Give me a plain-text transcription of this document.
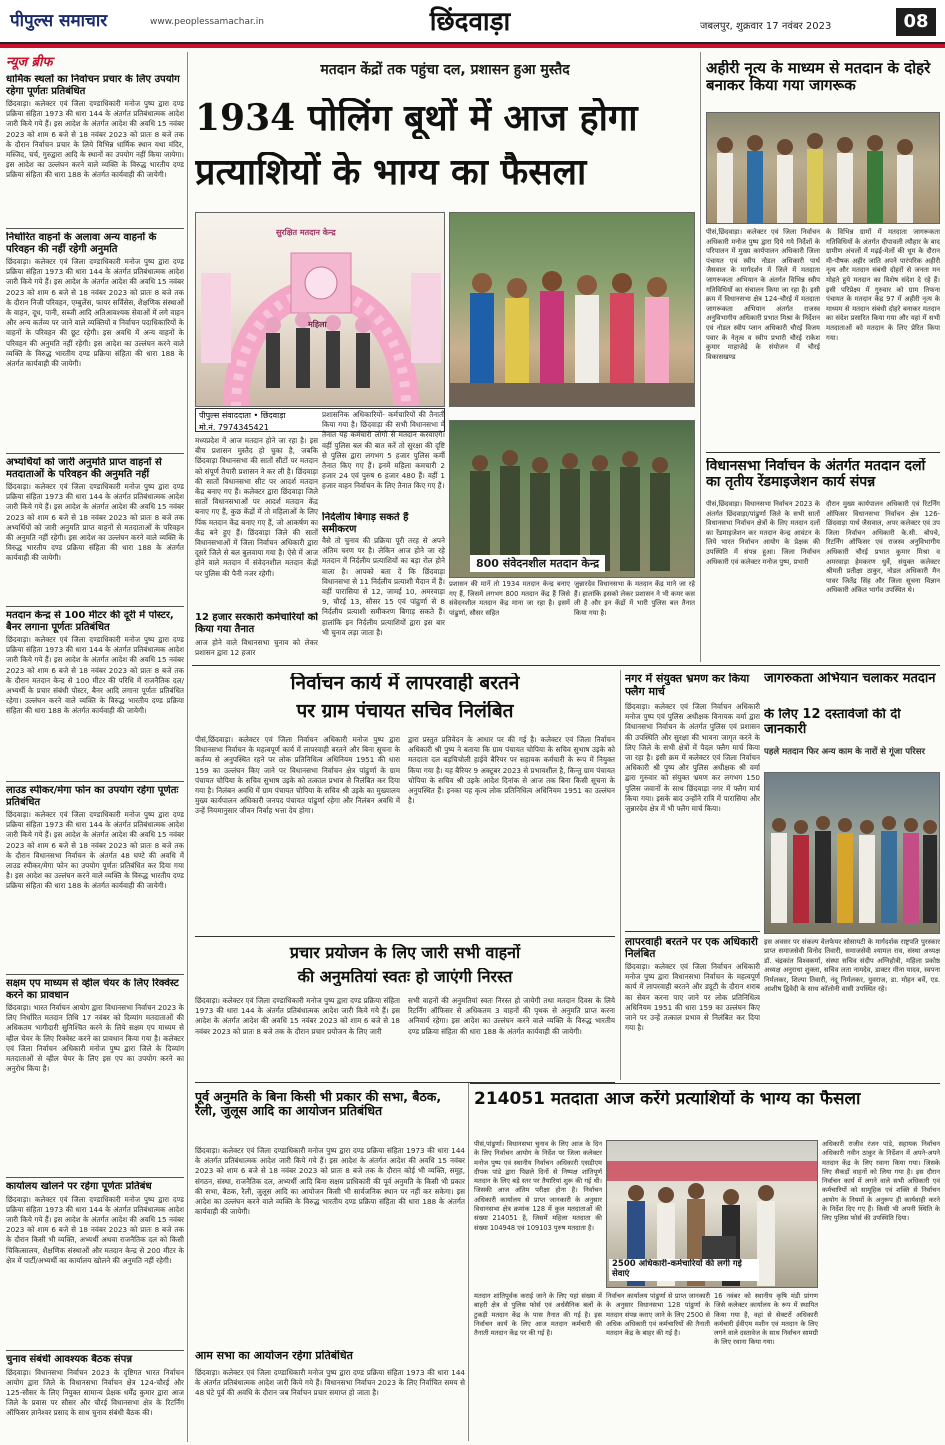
पीपुल्स समाचार	www.peoplessamachar.in	छिंदवाड़ा	जबलपुर, शुक्रवार 17 नवंबर 2023	08
न्यूज ब्रीफ
धार्मिक स्थलों का निर्वाचन प्रचार के लिए उपयोग रहेगा पूर्णतः प्रतिबंधित
छिंदवाड़ा। कलेक्टर एवं जिला दण्डाधिकारी मनोज पुष्प द्वारा दण्ड प्रक्रिया संहिता 1973 की धारा 144 के अंतर्गत प्रतिबंधात्मक आदेश जारी किये गये हैं। इस आदेश के अंतर्गत आदेश की अवधि 15 नवंबर 2023 को शाम 6 बजे से 18 नवंबर 2023 को प्रातः 8 बजे तक के दौरान निर्वाचन प्रचार के लिये विभिन्न धार्मिक स्थान यथा मंदिर, मस्जिद, चर्च, गुरुद्वारा आदि के स्थानों का उपयोग नहीं किया जायेगा। इस आदेश का उल्लंघन करने वाले व्यक्ति के विरुद्ध भारतीय दण्ड प्रक्रिया संहिता की धारा 188 के अंतर्गत कार्यवाही की जायेगी।
निर्धारित वाहनों के अलावा अन्य वाहनों के परिवहन की नहीं रहेगी अनुमति
छिंदवाड़ा। कलेक्टर एवं जिला दण्डाधिकारी मनोज पुष्प द्वारा दण्ड प्रक्रिया संहिता 1973 की धारा 144 के अंतर्गत प्रतिबंधात्मक आदेश जारी किये गये हैं। इस आदेश के अंतर्गत आदेश की अवधि 15 नवंबर 2023 को शाम 6 बजे से 18 नवंबर 2023 को प्रातः 8 बजे तक के दौरान निजी परिवहन, एम्बुलेंस, फायर सर्विसेस, शैक्षणिक संस्थाओं के वाहन, दूध, पानी, सब्जी आदि अतिआवश्यक सेवाओं में लगे वाहन और अन्य कर्तव्य पर जाने वाले व्यक्तियों व निर्वाचन पदाधिकारियों के वाहनों के परिवहन की छूट रहेगी। इस अवधि में अन्य वाहनों के परिवहन की अनुमति नहीं रहेगी। इस आदेश का उल्लंघन करने वाले व्यक्ति के विरुद्ध भारतीय दण्ड प्रक्रिया संहिता की धारा 188 के अंतर्गत कार्यवाही की जायेगी।
अभ्यर्थियों को जारी अनुमति प्राप्त वाहनों से मतदाताओं के परिवहन की अनुमति नहीं
छिंदवाड़ा। कलेक्टर एवं जिला दण्डाधिकारी मनोज पुष्प द्वारा दण्ड प्रक्रिया संहिता 1973 की धारा 144 के अंतर्गत प्रतिबंधात्मक आदेश जारी किये गये हैं। इस आदेश के अंतर्गत आदेश की अवधि 15 नवंबर 2023 को शाम 6 बजे से 18 नवंबर 2023 को प्रातः 8 बजे तक अभ्यर्थियों को जारी अनुमति प्राप्त वाहनों से मतदाताओं के परिवहन की अनुमति नहीं रहेगी। इस आदेश का उल्लंघन करने वाले व्यक्ति के विरुद्ध भारतीय दण्ड प्रक्रिया संहिता की धारा 188 के अंतर्गत कार्यवाही की जायेगी।
मतदान केन्द्र से 100 मीटर की दूरी में पोस्टर, बैनर लगाना पूर्णतः प्रतिबंधित
छिंदवाड़ा। कलेक्टर एवं जिला दण्डाधिकारी मनोज पुष्प द्वारा दण्ड प्रक्रिया संहिता 1973 की धारा 144 के अंतर्गत प्रतिबंधात्मक आदेश जारी किये गये हैं। इस आदेश के अंतर्गत आदेश की अवधि 15 नवंबर 2023 को शाम 6 बजे से 18 नवंबर 2023 को प्रातः 8 बजे तक के दौरान मतदान केन्द्र से 100 मीटर की परिधि में राजनैतिक दल/अभ्यर्थी के प्रचार संबंधी पोस्टर, बैनर आदि लगाना पूर्णतः प्रतिबंधित रहेगा। उल्लंघन करने वाले व्यक्ति के विरुद्ध भारतीय दण्ड प्रक्रिया संहिता की धारा 188 के अंतर्गत कार्यवाही की जायेगी।
लाउड स्पीकर/मेगा फोन का उपयोग रहेगा पूर्णतः प्रतिबंधित
छिंदवाड़ा। कलेक्टर एवं जिला दण्डाधिकारी मनोज पुष्प द्वारा दण्ड प्रक्रिया संहिता 1973 की धारा 144 के अंतर्गत प्रतिबंधात्मक आदेश जारी किये गये हैं। इस आदेश के अंतर्गत आदेश की अवधि 15 नवंबर 2023 को शाम 6 बजे से 18 नवंबर 2023 को प्रातः 8 बजे तक के दौरान विधानसभा निर्वाचन के अंतर्गत 48 घण्टे की अवधि में लाउड स्पीकर/मेगा फोन का उपयोग पूर्णतः प्रतिबंधित कर दिया गया है। इस आदेश का उल्लंघन करने वाले व्यक्ति के विरुद्ध भारतीय दण्ड प्रक्रिया संहिता की धारा 188 के अंतर्गत कार्यवाही की जायेगी।
सक्षम एप माध्यम से व्हील चेयर के लिए रिक्वेस्ट करने का प्रावधान
छिंदवाड़ा। भारत निर्वाचन आयोग द्वारा विधानसभा निर्वाचन 2023 के लिए निर्धारित मतदान तिथि 17 नवंबर को दिव्यांग मतदाताओं की अधिकतम भागीदारी सुनिश्चित करने के लिये सक्षम एप माध्यम से व्हील चेयर के लिए रिक्वेस्ट करने का प्रावधान किया गया है। कलेक्टर एवं जिला निर्वाचन अधिकारी मनोज पुष्प द्वारा जिले के दिव्यांग मतदाताओं से व्हील चेयर के लिए इस एप का उपयोग करने का अनुरोध किया है।
कार्यालय खोलने पर रहेगा पूर्णतः प्रतिबंध
छिंदवाड़ा। कलेक्टर एवं जिला दण्डाधिकारी मनोज पुष्प द्वारा दण्ड प्रक्रिया संहिता 1973 की धारा 144 के अंतर्गत प्रतिबंधात्मक आदेश जारी किये गये हैं। इस आदेश के अंतर्गत आदेश की अवधि 15 नवंबर 2023 को शाम 6 बजे से 18 नवंबर 2023 को प्रातः 8 बजे तक के दौरान किसी भी व्यक्ति, अभ्यर्थी अथवा राजनैतिक दल को किसी चिकित्सालय, शैक्षणिक संस्थाओं और मतदान केन्द्र से 200 मीटर के क्षेत्र में पार्टी/अभ्यर्थी का कार्यालय खोलने की अनुमति नहीं रहेगी।
चुनाव संबंधी आवश्यक बैठक संपन्न
छिंदवाड़ा। विधानसभा निर्वाचन 2023 के दृष्टिगत भारत निर्वाचन आयोग द्वारा जिले के विधानसभा निर्वाचन क्षेत्र 124-चौरई और 125-सौसर के लिए नियुक्त सामान्य प्रेक्षक धर्मेंद्र कुमार द्वारा आज जिले के प्रवास पर सौसर और चौरई विधानसभा क्षेत्र के रिटर्निंग ऑफिसर ज्ञानेश्वर प्रसाद के साथ चुनाव संबंधी बैठक की।
मतदान केंद्रों तक पहुंचा दल, प्रशासन हुआ मुस्तैद
1934 पोलिंग बूथों में आज होगा
प्रत्याशियों के भाग्य का फैसला
सुरक्षित मतदान केन्द्र
महिला
पीपुल्स संवाददाता • छिंदवाड़ा
मो.नं. 7974345421
मध्यप्रदेश में आज मतदान होने जा रहा है। इस बीच प्रशासन मुस्तैद हो चुका है, जबकि छिंदवाड़ा विधानसभा की सातों सीटों पर मतदान को संपूर्ण तैयारी प्रशासन ने कर ली है। छिंदवाड़ा की सातों विधानसभा सीट पर आदर्श मतदान केंद्र बनाए गए हैं। कलेक्टर द्वारा छिंदवाड़ा जिले सातों विधानसभाओं पर आदर्श मतदान केंद्र बनाए गए हैं, कुछ केंद्रों में तो महिलाओं के लिए पिंक मतदान केंद्र बनाए गए हैं, जो आकर्षण का केंद्र बने हुए हैं। छिंदवाड़ा जिले की सातों विधानसभाओं में जिला निर्वाचन अधिकारी द्वारा दूसरे जिले से बल बुलवाया गया है। ऐसे में आज होने वाले मतदान में संवेदनशील मतदान केंद्रों पर पुलिस की पैनी नजर रहेगी।
12 हजार सरकारी कर्मचारियों को किया गया तैनात
आज होने वाले विधानसभा चुनाव को लेकर प्रशासन द्वारा 12 हजार
प्रशासनिक अधिकारियों- कर्मचारियों की तैनाती किया गया है। छिंदवाड़ा की सभी विधानसभा में तैनात यह कर्मचारी लोगों से मतदान करवाएंगे। वहीं पुलिस बल की बात करें तो सुरक्षा की दृष्टि से पुलिस द्वारा लगभग 5 हजार पुलिस कर्मी तैनात किए गए हैं। इनमें महिला कमचारी 2 हजार 24 एवं पुरुष 6 हजार 480 हैं। वहीं 1 हजार वाहन निर्वाचन के लिए तैनात किए गए हैं।
निर्दलीय बिगाड़ सकते हैं समीकरण
वैसे तो चुनाव की प्रक्रिया पूरी तरह से अपने अंतिम चरण पर है। लेकिन आज होने जा रहे मतदान में निर्दलीय प्रत्याशियों का बड़ा रोल होने वाला है। आपको बता दें कि छिंदवाड़ा विधानसभा से 11 निर्दलीय प्रत्याशी मैदान में हैं। वहीं पारासिया से 12, जामई 10, अमरवाड़ा 9, चौरई 13, सौसर 15 एवं पांढुर्णा से 8 निर्दलीय प्रत्याशी समीकरण बिगाड़ सकते हैं। हालांकि इन निर्दलीय प्रत्याशियों द्वारा इस बार भी चुनाव लड़ा जाता है।
800 संवेदनशील मतदान केन्द्र
प्रशासन की मानें तो 1934 मतदान केन्द्र बनाए गए हैं, जिसमें लगभग 800 मतदान केंद्र हैं जिसे संवेदनशील मतदान केंद्र माना जा रहा है। इसमें पांढुर्णा, सौसर सहित
जुन्नारदेव विधानसभा के मतदान केंद्र माने जा रहे हैं। हालांकि इसको लेकर प्रशासन ने भी कमर कस ली है और इन केंद्रों में भारी पुलिस बल तैनात किया गया है।
अहीरी नृत्य के माध्यम से मतदान के दोहरे बनाकर किया गया जागरूक
पीसं,छिंदवाड़ा। कलेक्टर एवं जिला निर्वाचन अधिकारी मनोज पुष्प द्वारा दिये गये निर्देशों के परिपालन में मुख्य कार्यपालन अधिकारी जिला पंचायत एवं स्वीप नोडल अधिकारी पार्थ जैसवाल के मार्गदर्शन में जिले में मतदाता जागरूकता अभियान के अंतर्गत विभिन्न स्वीप गतिविधियों का संचालन किया जा रहा है। इसी क्रम में विधानसभा क्षेत्र 124-चौरई में मतदाता जागरूकता अभियान अंतर्गत राजस्व अनुविभागीय अधिकारी प्रभात मिश्रा के निर्देशन एवं नोडल स्वीप प्लान अधिकारी चौरई विजय पवार के नेतृत्व व स्वीप प्रभारी चौरई राकेश कुमार माहाजेद्रे के संयोजन में चौरई विकासखण्ड
के विभिन्न ग्रामों में मतदाता जागरूकता गतिविधियों के अंतर्गत दीपावली त्यौहार के बाद ग्रामीण अंचलों में मढ़ई-मेलों की धूम के दौरान मी-पौषक अहीर जाति अपने पारंपरिक अहीरी नृत्य और मतदान संबंधी दोहरों से जनता मन मोहते हुये मतदान का विशेष संदेश दे रहे हैं। इसी परिप्रेक्ष्य में गुरुवार को ग्राम तिफना पंचायत के मतदान केंद्र 97 में अहीरी नृत्य के माध्यम से मतदान संबंधी दोहरे बनाकर मतदान का संदेश प्रसारित किया गया और यहां में सभी मतदाताओं को मतदान के लिए प्रेरित किया गया।
विधानसभा निर्वाचन के अंतर्गत मतदान दलों का तृतीय रेंडमाइजेशन कार्य संपन्न
पीसं,छिंदवाड़ा। विधानसभा निर्वाचन 2023 के अंतर्गत छिंदवाड़ा/पांढुर्णा जिले के सभी सातों विधानसभा निर्वाचन क्षेत्रों के लिए मतदान दलों का रेंडमाइजेशन कर मतदान केन्द्र आवंटन के लिये भारत निर्वाचन आयोग के प्रेक्षक की उपस्थिति में संपन्न हुआ। जिला निर्वाचन अधिकारी एवं कलेक्टर मनोज पुष्प, प्रभारी
दौरान मुख्य कार्यपालन अधिकारी एवं रिटर्निंग ऑफिसर विधानसभा निर्वाचन क्षेत्र 126-छिंदवाड़ा पार्थ जैसवाल, अपर कलेक्टर एवं उप जिला निर्वाचन अधिकारी के.सी. बोपचे, रिटर्निंग ऑफिसर एवं राजस्व अनुविभागीय अधिकारी चौरई प्रभात कुमार मिश्रा व अमरवाड़ा हेमकरण धुर्वे, संयुक्त कलेक्टर श्रीमती प्रतीक्षा ठाकुर, नोडल अधिकारी मैन पावर जितेंद्र सिंह और जिला सूचना विज्ञान अधिकारी अंकित भार्गव उपस्थित थे।
निर्वाचन कार्य में लापरवाही बरतने
पर ग्राम पंचायत सचिव निलंबित
पीसं,छिंदवाड़ा। कलेक्टर एवं जिला निर्वाचन अधिकारी मनोज पुष्प द्वारा विधानसभा निर्वाचन के महत्वपूर्ण कार्य में लापरवाही बरतने और बिना सूचना के कर्तव्य से अनुपस्थित रहने पर लोक प्रतिनिधित्व अधिनियम 1951 की धारा 159 का उल्लंघन किए जाने पर विधानसभा निर्वाचन क्षेत्र पांढुर्णा के ग्राम पंचायत चोपिया के सचिव सुभाष उइके को तत्काल प्रभाव से निलंबित कर दिया गया है। निलंबन अवधि में ग्राम पंचायत चोपिया के सचिव श्री उइके का मुख्यालय मुख्य कार्यपालन अधिकारी जनपद पंचायत पांढुर्णा रहेगा और निलंबन अवधि में उन्हें नियमानुसार जीवन निर्वाह भत्ता देय होगा।
द्वारा प्रस्तुत प्रतिवेदन के आधार पर की गई है। कलेक्टर एवं जिला निर्वाचन अधिकारी श्री पुष्प ने बताया कि ग्राम पंचायत चोपिया के सचिव सुभाष उइके को मतदाता दल बड़चिचोली हाईवे बैरियर पर सहायक कर्मचारी के रूप में नियुक्त किया गया है। यह बैरियर 9 अक्टूबर 2023 से प्रभावशील है, किन्तु ग्राम पंचायत चोपिया के सचिव श्री उइके आदेश दिनांक से आज तक बिना किसी सूचना के अनुपस्थित हैं। इनका यह कृत्य लोक प्रतिनिधित्व अधिनियम 1951 का उल्लंघन है।
प्रचार प्रयोजन के लिए जारी सभी वाहनों
की अनुमतियां स्वतः हो जाएंगी निरस्त
छिंदवाड़ा। कलेक्टर एवं जिला दण्डाधिकारी मनोज पुष्प द्वारा दण्ड प्रक्रिया संहिता 1973 की धारा 144 के अंतर्गत प्रतिबंधात्मक आदेश जारी किये गये हैं। इस आदेश के अंतर्गत आदेश की अवधि 15 नवंबर 2023 को शाम 6 बजे से 18 नवंबर 2023 को प्रातः 8 बजे तक के दौरान प्रचार प्रयोजन के लिए जारी
सभी वाहनों की अनुमतियां स्वतः निरस्त हो जायेगी तथा मतदान दिवस के लिये रिटर्निंग ऑफिसर से अधिकतम 3 वाहनों की पृथक से अनुमति प्राप्त करना अनिवार्य रहेगा। इस आदेश का उल्लंघन करने वाले व्यक्ति के विरुद्ध भारतीय दण्ड प्रक्रिया संहिता की धारा 188 के अंतर्गत कार्यवाही की जायेगी।
पूर्व अनुमति के बिना किसी भी प्रकार की सभा, बैठक, रैली, जुलूस आदि का आयोजन प्रतिबंधित
छिंदवाड़ा। कलेक्टर एवं जिला दण्डाधिकारी मनोज पुष्प द्वारा दण्ड प्रक्रिया संहिता 1973 की धारा 144 के अंतर्गत प्रतिबंधात्मक आदेश जारी किये गये हैं। इस आदेश के अंतर्गत आदेश की अवधि 15 नवंबर 2023 को शाम 6 बजे से 18 नवंबर 2023 को प्रातः 8 बजे तक के दौरान कोई भी व्यक्ति, समूह, संगठन, संस्था, राजनैतिक दल, अभ्यर्थी आदि बिना सक्षम प्राधिकारी की पूर्व अनुमति के किसी भी प्रकार की सभा, बैठक, रैली, जुलूस आदि का आयोजन किसी भी सार्वजनिक स्थान पर नहीं कर सकेगा। इस आदेश का उल्लंघन करने वाले व्यक्ति के विरुद्ध भारतीय दण्ड प्रक्रिया संहिता की धारा 188 के अंतर्गत कार्यवाही की जायेगी।
आम सभा का आयोजन रहेगा प्रतिबंधित
छिंदवाड़ा। कलेक्टर एवं जिला दण्डाधिकारी मनोज पुष्प द्वारा दण्ड प्रक्रिया संहिता 1973 की धारा 144 के अंतर्गत प्रतिबंधात्मक आदेश जारी किये गये हैं। विधानसभा निर्वाचन 2023 के लिए निर्वाचित समय से 48 घंटे पूर्व की अवधि के दौरान जब निर्वाचन प्रचार समाप्त हो जाता है।
नगर में संयुक्त भ्रमण कर किया फ्लैग मार्च
छिंदवाड़ा। कलेक्टर एवं जिला निर्वाचन अधिकारी मनोज पुष्प एवं पुलिस अधीक्षक विनायक वर्मा द्वारा विधानसभा निर्वाचन के अंतर्गत पुलिस एवं प्रशासन की उपस्थिति और सुरक्षा की भावना जागृत करने के लिए जिले के सभी क्षेत्रों में पैदल फ्लैग मार्च किया जा रहा है। इसी क्रम में कलेक्टर एवं जिला निर्वाचन अधिकारी श्री पुष्प और पुलिस अधीक्षक श्री वर्मा द्वारा गुरुवार को संयुक्त भ्रमण कर लगभग 150 पुलिस जवानों के साथ छिंदवाड़ा नगर में फ्लैग मार्च किया गया। इसके बाद उन्होंने रात्रि में पारासिया और जुन्नारदेव क्षेत्र में भी फ्लैग मार्च किया।
लापरवाही बरतने पर एक अधिकारी निलंबित
छिंदवाड़ा। कलेक्टर एवं जिला निर्वाचन अधिकारी मनोज पुष्प द्वारा विधानसभा निर्वाचन के महत्वपूर्ण कार्य में लापरवाही बरतने और ड्यूटी के दौरान शराब का सेवन करना पाए जाने पर लोक प्रतिनिधित्व अधिनियम 1951 की धारा 159 का उल्लंघन किए जाने पर उन्हें तत्काल प्रभाव से निलंबित कर दिया गया है।
जागरुकता अभियान चलाकर मतदान
के लिए 12 दस्तावेजों की दी जानकारी
पहले मतदान फिर अन्य काम के नारों से गूंजा परिसर
इस अवसर पर संकल्प वेलफेयर सोसायटी के मार्गदर्शक राष्ट्रपति पुरस्कार प्राप्त समाजसेवी विनोद तिवारी, समाजसेवी श्यामल राव, संस्था अध्यक्ष डॉ. चंद्रकांत विश्वकर्मा, संस्था सचिव संदीप अग्निहोत्री, महिला प्रकोष्ठ अध्यक्ष अनुराधा शुक्ला, सचिव लता नामदेव, डाक्टर मीना यादव, स्वपना निर्मलकर, शिल्पा तिवारी, नंदू निर्मलकर, युवराज, डा. मोहन बर्वे, एड. आशीष द्विवेदी के साथ कॉलोनी वासी उपस्थित रहे।
214051 मतदाता आज करेंगे प्रत्याशियों के भाग्य का फैसला
पीसं,पांढुर्णा। विधानसभा चुनाव के लिए आज के दिन के लिए निर्वाचन आयोग के निर्देश पर जिला कलेक्टर मनोज पुष्प एवं स्थानीय निर्वाचन अधिकारी एसडीएम दीपक पांडे द्वारा पिछले दिनों से निष्पक्ष शांतिपूर्ण मतदान के लिए बड़े स्तर पर तैयारियां शुरू की गई थी। जिसकी आज अंतिम परीक्षा होना है। निर्वाचन अधिकारी कार्यालय से प्राप्त जानकारी के अनुसार विधानसभा क्षेत्र क्रमांक 128 में कुल मतदाताओं की संख्या 214051 है, जिसमें महिला मतदाता की संख्या 104948 एवं 109103 पुरुष मतदाता है।
2500 अधिकारी-कर्मचारियों की लगी गई सेवाएं
अधिकारी राजीव रंजन पांडे, सहायक निर्वाचन अधिकारी नवीन ठाकुर के निर्देशन में अपने-अपने मतदान केंद्र के लिए रवाना किया गया। जिसके लिए सैकड़ों वाहनों को लिया गया है। इस दौरान निर्वाचन कार्य में लगने वाले सभी अधिकारी एवं कर्मचारियों को सामूहिक एवं शक्ति से निर्वाचन आयोग के नियमों के अनुरूप ही कार्यवाही करने के निर्देश दिए गए हैं। किसी भी अपनी स्थिति के लिए पुलिस फोर्स की उपस्थिति दिया।
मतदान शांतिपूर्वक कराई जाने के लिए यहां संख्या में बाहरी क्षेत्र से पुलिस फोर्स एवं अर्धसैनिक बलों के टुकड़ी मतदान केंद्र के पास तैनात की गई है। इस निर्वाचन कार्य के लिए आज मतदान कर्मचारी की तैनाती मतदान केंद्र पर की गई है।
निर्वाचन कार्यालय पांढुर्णा से प्राप्त जानकारी के अनुसार विधानसभा 128 पांढुर्णा के मतदान संपन्न कराए जाने के लिए 2500 से अधिक अधिकारी एवं कर्मचारियों की तैनाती मतदान केंद्र के बाहर की गई है।
16 नवंबर को स्थानीय कृषि मंडी प्रांगण जिसे कलेक्टर कार्यालय के रूप में स्थापित किया गया है, वहां से सेक्टरों अधिकारी कर्मचारी ईवीएम मशीन एवं मतदान के लिए लगने वाले दस्तावेज के साथ निर्वाचन सामग्री के लिए रवाना किया गया।
